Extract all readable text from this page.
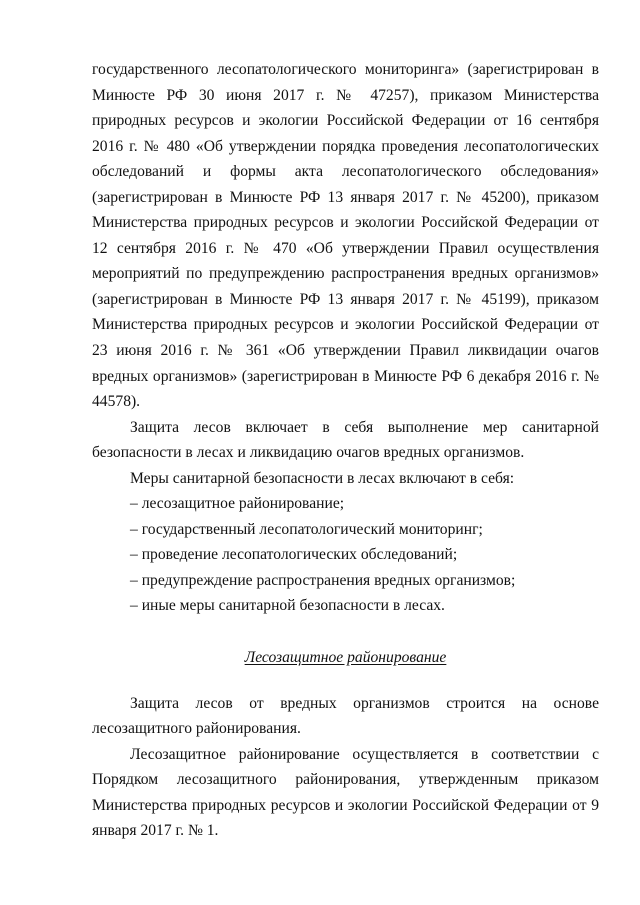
государственного лесопатологического мониторинга» (зарегистрирован в Минюсте РФ 30 июня 2017 г. № 47257), приказом Министерства природных ресурсов и экологии Российской Федерации от 16 сентября 2016 г. № 480 «Об утверждении порядка проведения лесопатологических обследований и формы акта лесопатологического обследования» (зарегистрирован в Минюсте РФ 13 января 2017 г. № 45200), приказом Министерства природных ресурсов и экологии Российской Федерации от 12 сентября 2016 г. № 470 «Об утверждении Правил осуществления мероприятий по предупреждению распространения вредных организмов» (зарегистрирован в Минюсте РФ 13 января 2017 г. № 45199), приказом Министерства природных ресурсов и экологии Российской Федерации от 23 июня 2016 г. № 361 «Об утверждении Правил ликвидации очагов вредных организмов» (зарегистрирован в Минюсте РФ 6 декабря 2016 г. № 44578).

Защита лесов включает в себя выполнение мер санитарной безопасности в лесах и ликвидацию очагов вредных организмов.

Меры санитарной безопасности в лесах включают в себя:

– лесозащитное районирование;

– государственный лесопатологический мониторинг;

– проведение лесопатологических обследований;

– предупреждение распространения вредных организмов;

– иные меры санитарной безопасности в лесах.

Лесозащитное районирование

Защита лесов от вредных организмов строится на основе лесозащитного районирования.

Лесозащитное районирование осуществляется в соответствии с Порядком лесозащитного районирования, утвержденным приказом Министерства природных ресурсов и экологии Российской Федерации от 9 января 2017 г. № 1.
